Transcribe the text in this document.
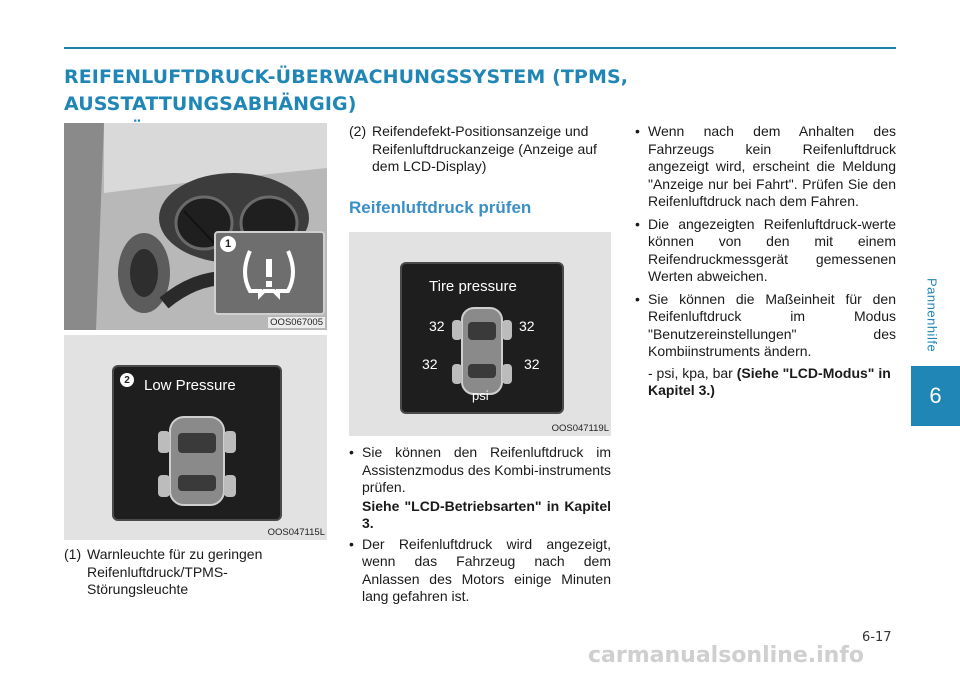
REIFENLUFTDRUCK-ÜBERWACHUNGSSYSTEM (TPMS, AUSSTATTUNGSABHÄNGIG)
Pannenhilfe
6
1
OOS067005
2 Low Pressure
OOS047115L
(1) Warnleuchte für zu geringen Reifenluftdruck/TPMS-Störungsleuchte
(2) Reifendefekt-Positionsanzeige und Reifenluftdruckanzeige (Anzeige auf dem LCD-Display)
Reifenluftdruck prüfen
Tire pressure
32	32
32	32
psi
OOS047119L
• Sie können den Reifenluftdruck im Assistenzmodus des Kombi-instruments prüfen.
Siehe "LCD-Betriebsarten" in Kapitel 3.
• Der Reifenluftdruck wird angezeigt, wenn das Fahrzeug nach dem Anlassen des Motors einige Minuten lang gefahren ist.
• Wenn nach dem Anhalten des Fahrzeugs kein Reifenluftdruck angezeigt wird, erscheint die Meldung "Anzeige nur bei Fahrt". Prüfen Sie den Reifenluftdruck nach dem Fahren.
• Die angezeigten Reifenluftdruck-werte können von den mit einem Reifendruckmessgerät gemessenen Werten abweichen.
• Sie können die Maßeinheit für den Reifenluftdruck im Modus "Benutzereinstellungen" des Kombiinstruments ändern.
- psi, kpa, bar (Siehe "LCD-Modus" in Kapitel 3.)
6-17
carmanualsonline.info
